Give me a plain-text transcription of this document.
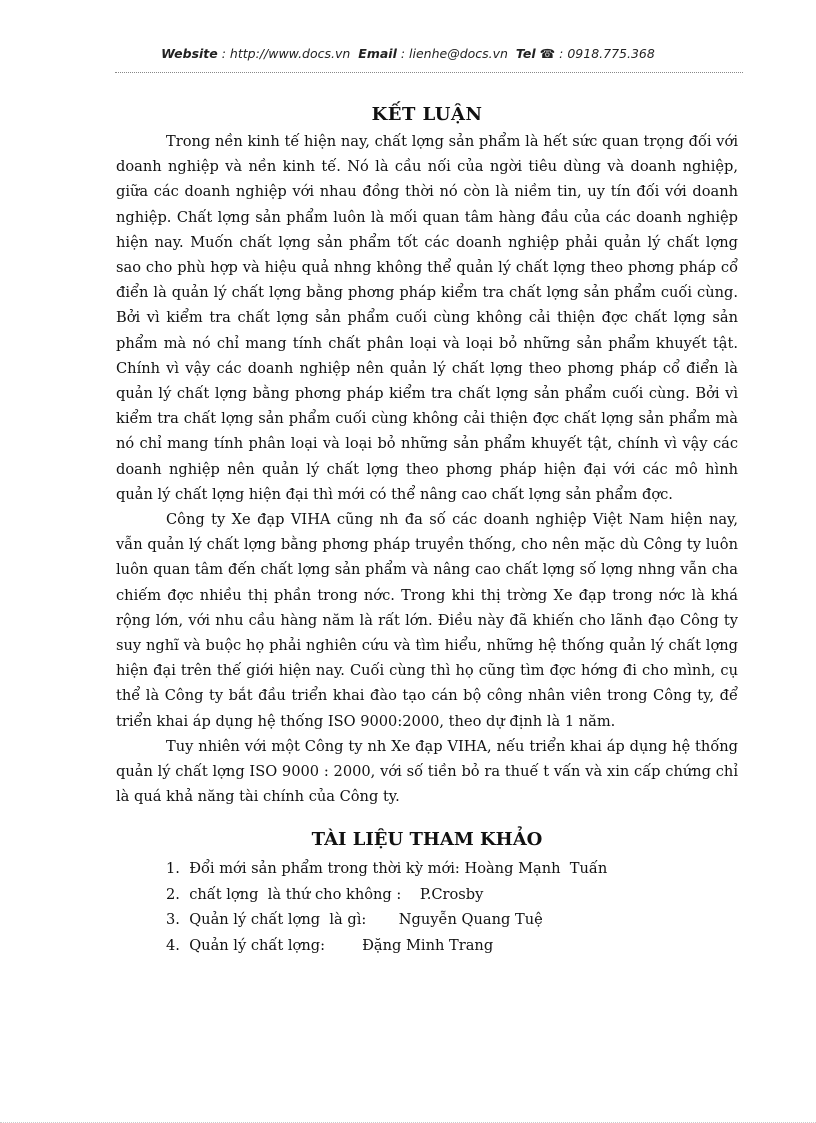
Website : http://www.docs.vn Email : lienhe@docs.vn Tel ☎ : 0918.775.368
KẾT LUẬN

Trong nền kinh tế hiện nay, chất lợng sản phẩm là hết sức quan trọng đối với doanh nghiệp và nền kinh tế. Nó là cầu nối của ngời tiêu dùng và doanh nghiệp, giữa các doanh nghiệp với nhau đồng thời nó còn là niềm tin, uy tín đối với doanh nghiệp. Chất lợng sản phẩm luôn là mối quan tâm hàng đầu của các doanh nghiệp hiện nay. Muốn chất lợng sản phẩm tốt các doanh nghiệp phải quản lý chất lợng sao cho phù hợp và hiệu quả nhng không thể quản lý chất lợng theo phơng pháp cổ điển là quản lý chất lợng bằng phơng pháp kiểm tra chất lợng sản phẩm cuối cùng. Bởi vì kiểm tra chất lợng sản phẩm cuối cùng không cải thiện đợc chất lợng sản phẩm mà nó chỉ mang tính chất phân loại và loại bỏ những sản phẩm khuyết tật. Chính vì vậy các doanh nghiệp nên quản lý chất lợng theo phơng pháp cổ điển là quản lý chất lợng bằng phơng pháp kiểm tra chất lợng sản phẩm cuối cùng. Bởi vì kiểm tra chất lợng sản phẩm cuối cùng không cải thiện đợc chất lợng sản phẩm mà nó chỉ mang tính phân loại và loại bỏ những sản phẩm khuyết tật, chính vì vậy các doanh nghiệp nên quản lý chất lợng theo phơng pháp hiện đại với các mô hình quản lý chất lợng hiện đại thì mới có thể nâng cao chất lợng sản phẩm đợc.

Công ty Xe đạp VIHA cũng nh đa số các doanh nghiệp Việt Nam hiện nay, vẫn quản lý chất lợng bằng phơng pháp truyền thống, cho nên mặc dù Công ty luôn luôn quan tâm đến chất lợng sản phẩm và nâng cao chất lợng số lợng nhng vẫn cha chiếm đợc nhiều thị phần trong nớc. Trong khi thị trờng Xe đạp trong nớc là khá rộng lớn, với nhu cầu hàng năm là rất lớn. Điều này đã khiến cho lãnh đạo Công ty suy nghĩ và buộc họ phải nghiên cứu và tìm hiểu, những hệ thống quản lý chất lợng hiện đại trên thế giới hiện nay. Cuối cùng thì họ cũng tìm đợc hớng đi cho mình, cụ thể là Công ty bắt đầu triển khai đào tạo cán bộ công nhân viên trong Công ty, để triển khai áp dụng hệ thống ISO 9000:2000, theo dự định là 1 năm.

Tuy nhiên với một Công ty nh Xe đạp VIHA, nếu triển khai áp dụng hệ thống quản lý chất lợng ISO 9000 : 2000, với số tiền bỏ ra thuế t vấn và xin cấp chứng chỉ là quá khả năng tài chính của Công ty.

TÀI LIỆU THAM KHẢO
1.  Đổi mới sản phẩm trong thời kỳ mới: Hoàng Mạnh  Tuấn
2.  chất lợng  là thứ cho không :    P.Crosby
3.  Quản lý chất lợng  là gì:       Nguyễn Quang Tuệ
4.  Quản lý chất lợng:        Đặng Minh Trang
